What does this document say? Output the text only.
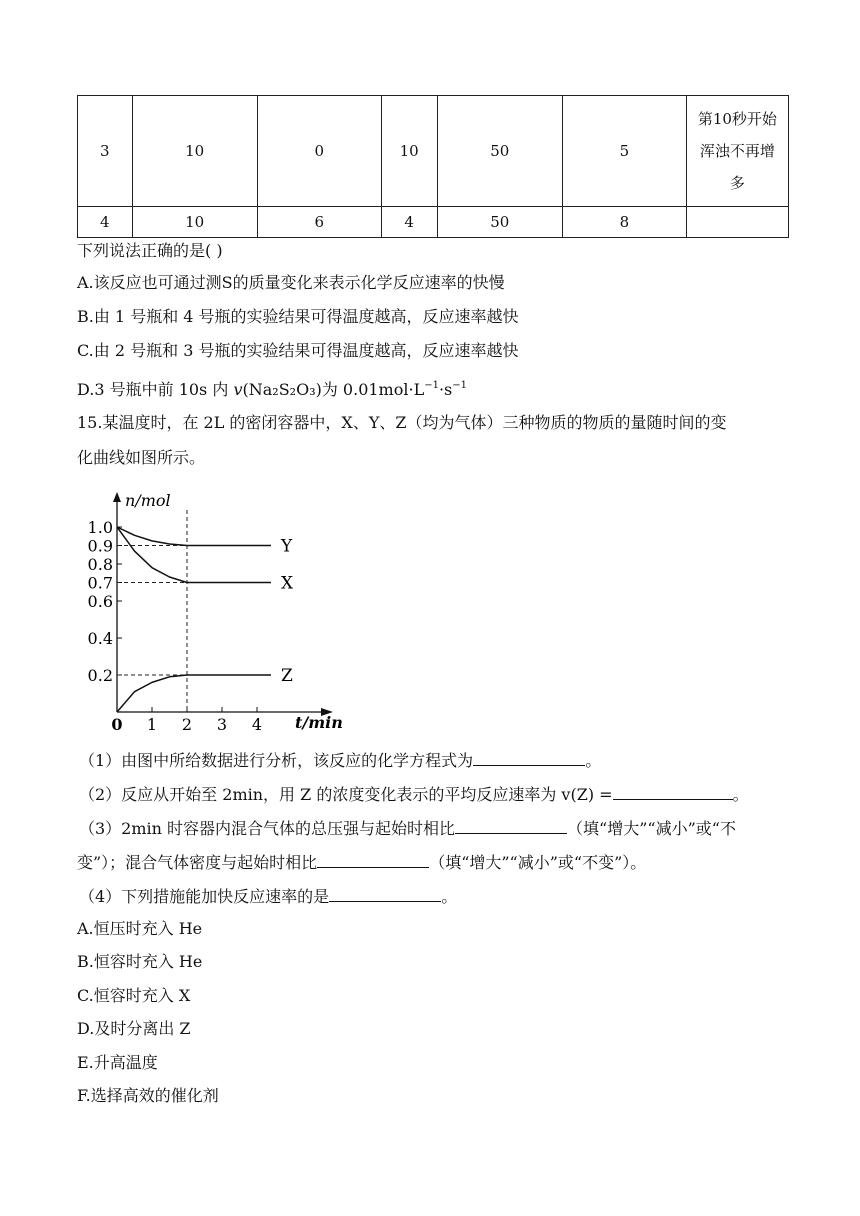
3	10	0	10	50	5	第10秒开始
浑浊不再增
多

4	10	6	4	50	8	
下列说法正确的是( )
A.该反应也可通过测S的质量变化来表示化学反应速率的快慢
B.由 1 号瓶和 4 号瓶的实验结果可得温度越高，反应速率越快
C.由 2 号瓶和 3 号瓶的实验结果可得温度越高，反应速率越快
D.3 号瓶中前 10s 内 v(Na₂S₂O₃)为 $0.01mol\cdot L^{-1}\cdot s^{-1}$
15.某温度时，在 2L 的密闭容器中，X、Y、Z（均为气体）三种物质的物质的量随时间的变
化曲线如图所示。
n/mol
t/min
1.0
0.9
0.8
0.7
0.6
0.4
0.2
0 1 2 3 4
Y
X
Z
（1）由图中所给数据进行分析，该反应的化学方程式为	。
（2）反应从开始至 2min，用 Z 的浓度变化表示的平均反应速率为 v(Z) =	。
（3）2min 时容器内混合气体的总压强与起始时相比	（填“增大”“减小”或“不
变”）；混合气体密度与起始时相比	（填“增大”“减小”或“不变”）。
（4）下列措施能加快反应速率的是	。
A.恒压时充入 He
B.恒容时充入 He
C.恒容时充入 X
D.及时分离出 Z
E.升高温度
F.选择高效的催化剂
